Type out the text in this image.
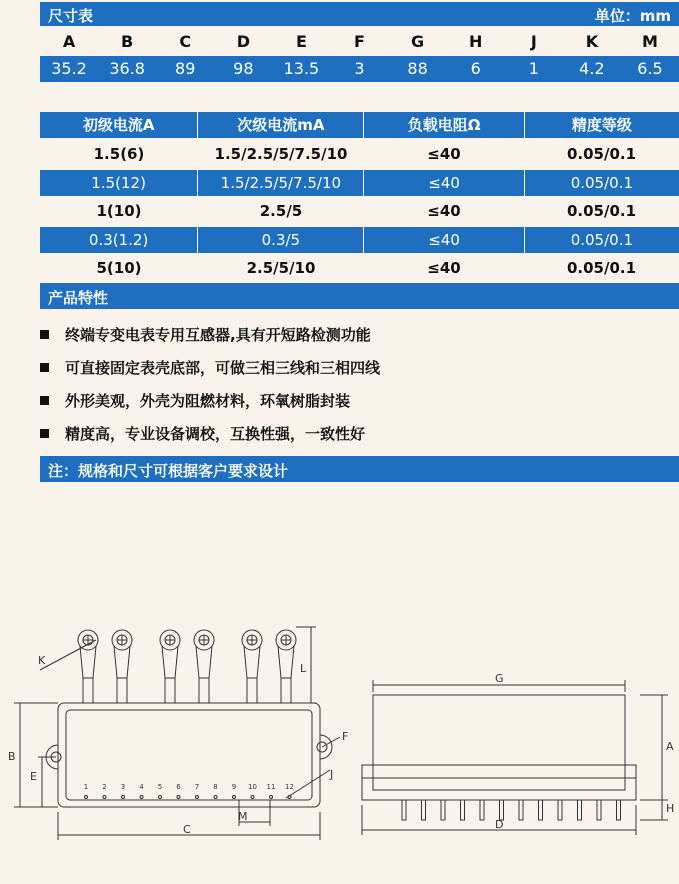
尺寸表	单位：mm
A	B	C	D	E	F	G	H	J	K	M
35.2	36.8	89	98	13.5	3	88	6	1	4.2	6.5
初级电流A	次级电流mA	负载电阻Ω	精度等级
1.5(6)	1.5/2.5/5/7.5/10	≤40	0.05/0.1
1.5(12)	1.5/2.5/5/7.5/10	≤40	0.05/0.1
1(10)	2.5/5	≤40	0.05/0.1
0.3(1.2)	0.3/5	≤40	0.05/0.1
5(10)	2.5/5/10	≤40	0.05/0.1
产品特性
终端专变电表专用互感器,具有开短路检测功能
可直接固定表壳底部，可做三相三线和三相四线
外形美观，外壳为阻燃材料，环氧树脂封装
精度高，专业设备调校，互换性强，一致性好
注：规格和尺寸可根据客户要求设计
1 2 3 4 5 6 7 8 9 10 11 12
B
E
C
M
L
F
J
K
G
A
H
D
